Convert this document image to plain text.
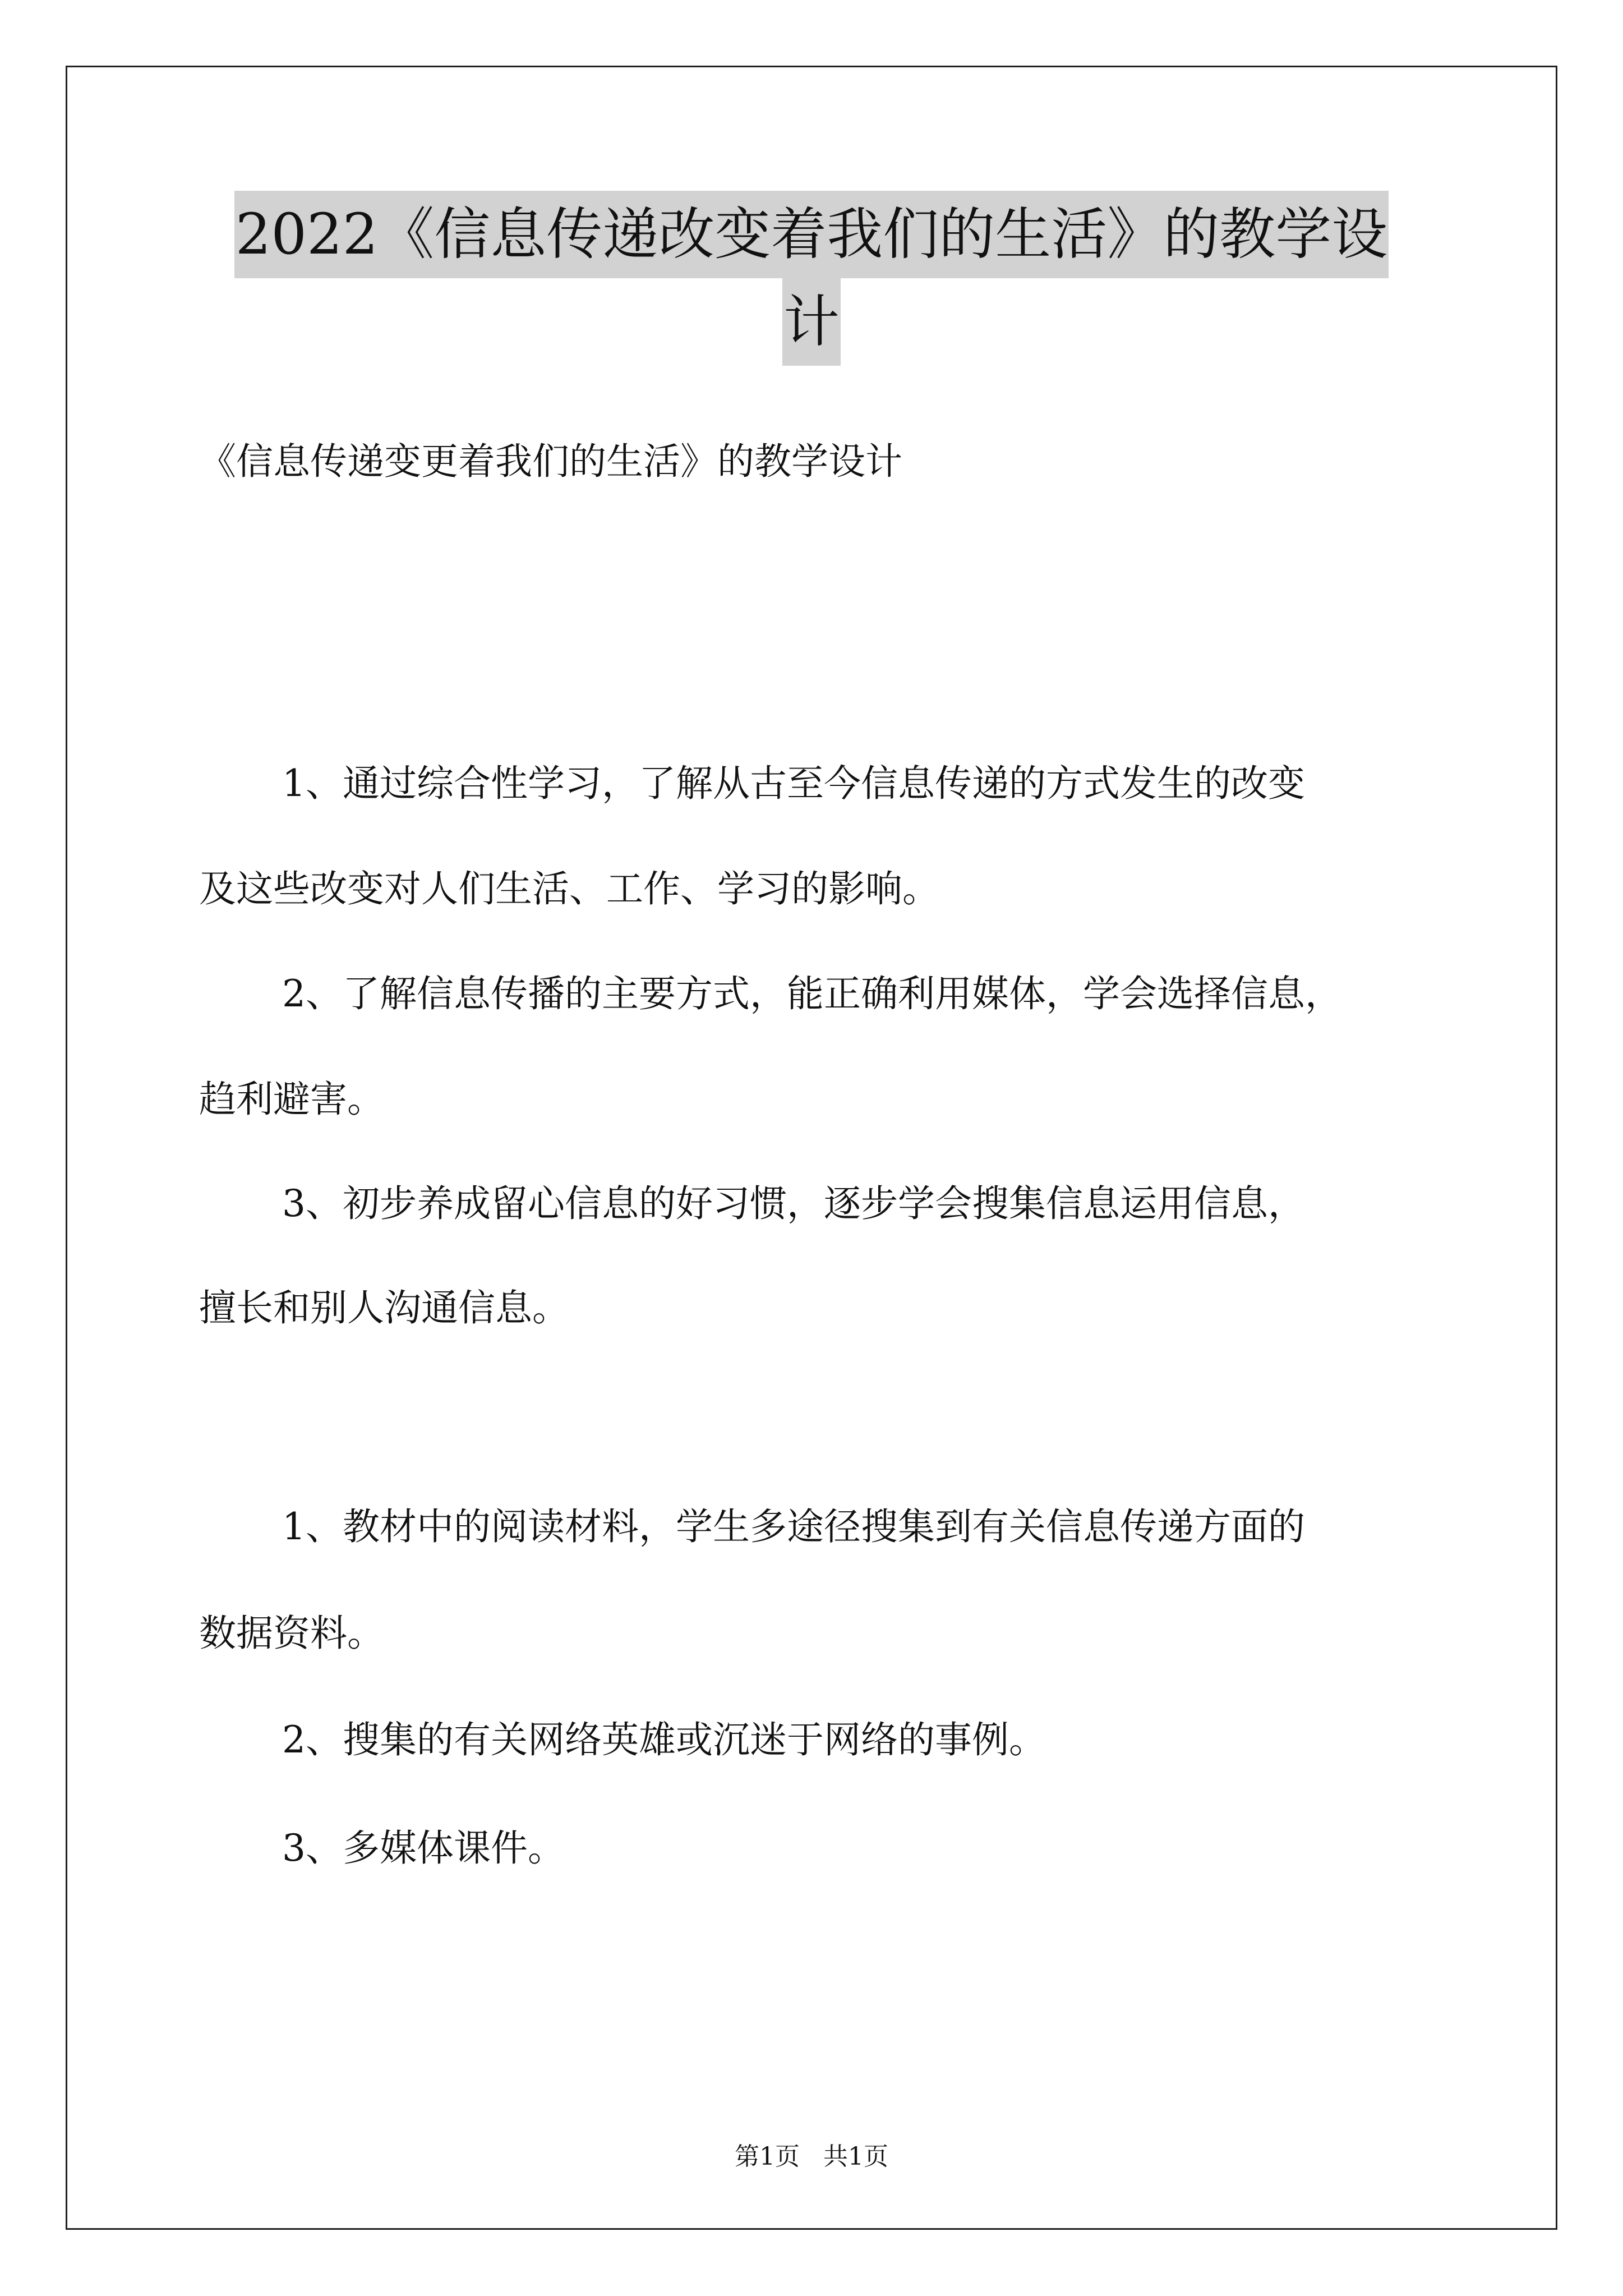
2022《信息传递改变着我们的生活》的教学设
计
《信息传递变更着我们的生活》的教学设计
1、通过综合性学习，了解从古至今信息传递的方式发生的改变
及这些改变对人们生活、工作、学习的影响。
2、了解信息传播的主要方式，能正确利用媒体，学会选择信息，
趋利避害。
3、初步养成留心信息的好习惯，逐步学会搜集信息运用信息，
擅长和别人沟通信息。
1、教材中的阅读材料，学生多途径搜集到有关信息传递方面的
数据资料。
2、搜集的有关网络英雄或沉迷于网络的事例。
3、多媒体课件。
第1页   共1页
